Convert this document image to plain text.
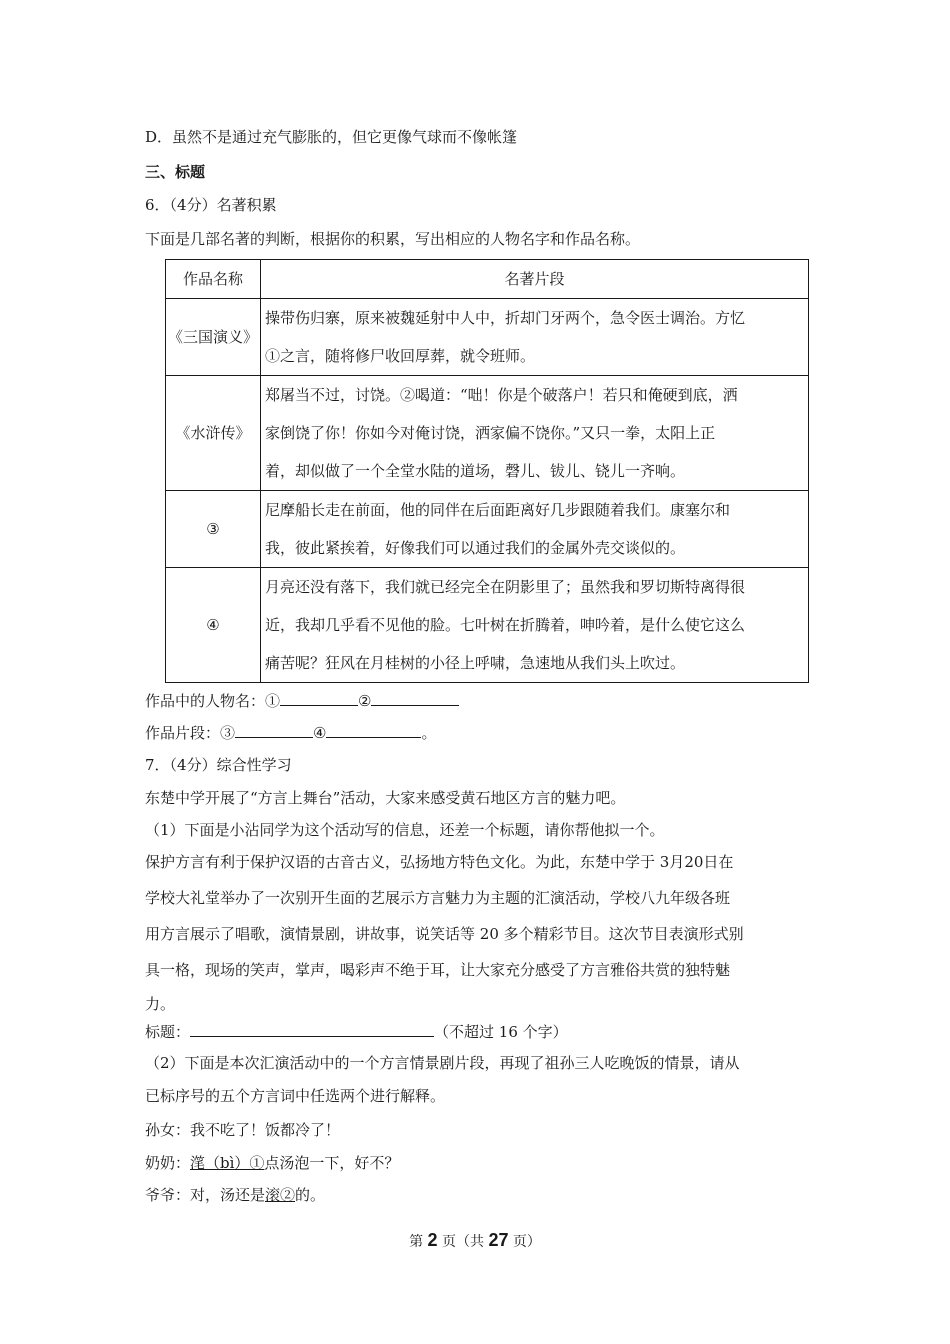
D．虽然不是通过充气膨胀的，但它更像气球而不像帐篷
三、标题
6．（4分）名著积累
下面是几部名著的判断，根据你的积累，写出相应的人物名字和作品名称。
作品名称	名著片段
《三国演义》	操带伤归寨，原来被魏延射中人中，折却门牙两个，急令医士调治。方忆
①之言，随将修尸收回厚葬，就令班师。

《水浒传》	郑屠当不过，讨饶。②喝道：“咄！你是个破落户！若只和俺硬到底，洒
家倒饶了你！你如今对俺讨饶，洒家偏不饶你。”又只一拳，太阳上正
着，却似做了一个全堂水陆的道场，磬儿、钹儿、铙儿一齐响。

③	尼摩船长走在前面，他的同伴在后面距离好几步跟随着我们。康塞尔和
我，彼此紧挨着，好像我们可以通过我们的金属外壳交谈似的。

④	月亮还没有落下，我们就已经完全在阴影里了；虽然我和罗切斯特离得很
近，我却几乎看不见他的脸。七叶树在折腾着，呻吟着，是什么使它这么
痛苦呢？狂风在月桂树的小径上呼啸，急速地从我们头上吹过。
作品中的人物名：①	②
作品片段：③	④	。
7．（4分）综合性学习
东楚中学开展了“方言上舞台”活动，大家来感受黄石地区方言的魅力吧。
（1）下面是小沾同学为这个活动写的信息，还差一个标题，请你帮他拟一个。
保护方言有利于保护汉语的古音古义，弘扬地方特色文化。为此，东楚中学于 3月20日在
学校大礼堂举办了一次别开生面的艺展示方言魅力为主题的汇演活动，学校八九年级各班
用方言展示了唱歌，演情景剧，讲故事，说笑话等 20 多个精彩节目。这次节目表演形式别
具一格，现场的笑声，掌声，喝彩声不绝于耳，让大家充分感受了方言雅俗共赏的独特魅
力。
标题：	（不超过 16 个字）
（2）下面是本次汇演活动中的一个方言情景剧片段，再现了祖孙三人吃晚饭的情景，请从
已标序号的五个方言词中任选两个进行解释。
孙女：我不吃了！饭都冷了！
奶奶：滗（bì）①点汤泡一下，好不？
爷爷：对，汤还是滚②的。
第 2 页（共 27 页）
